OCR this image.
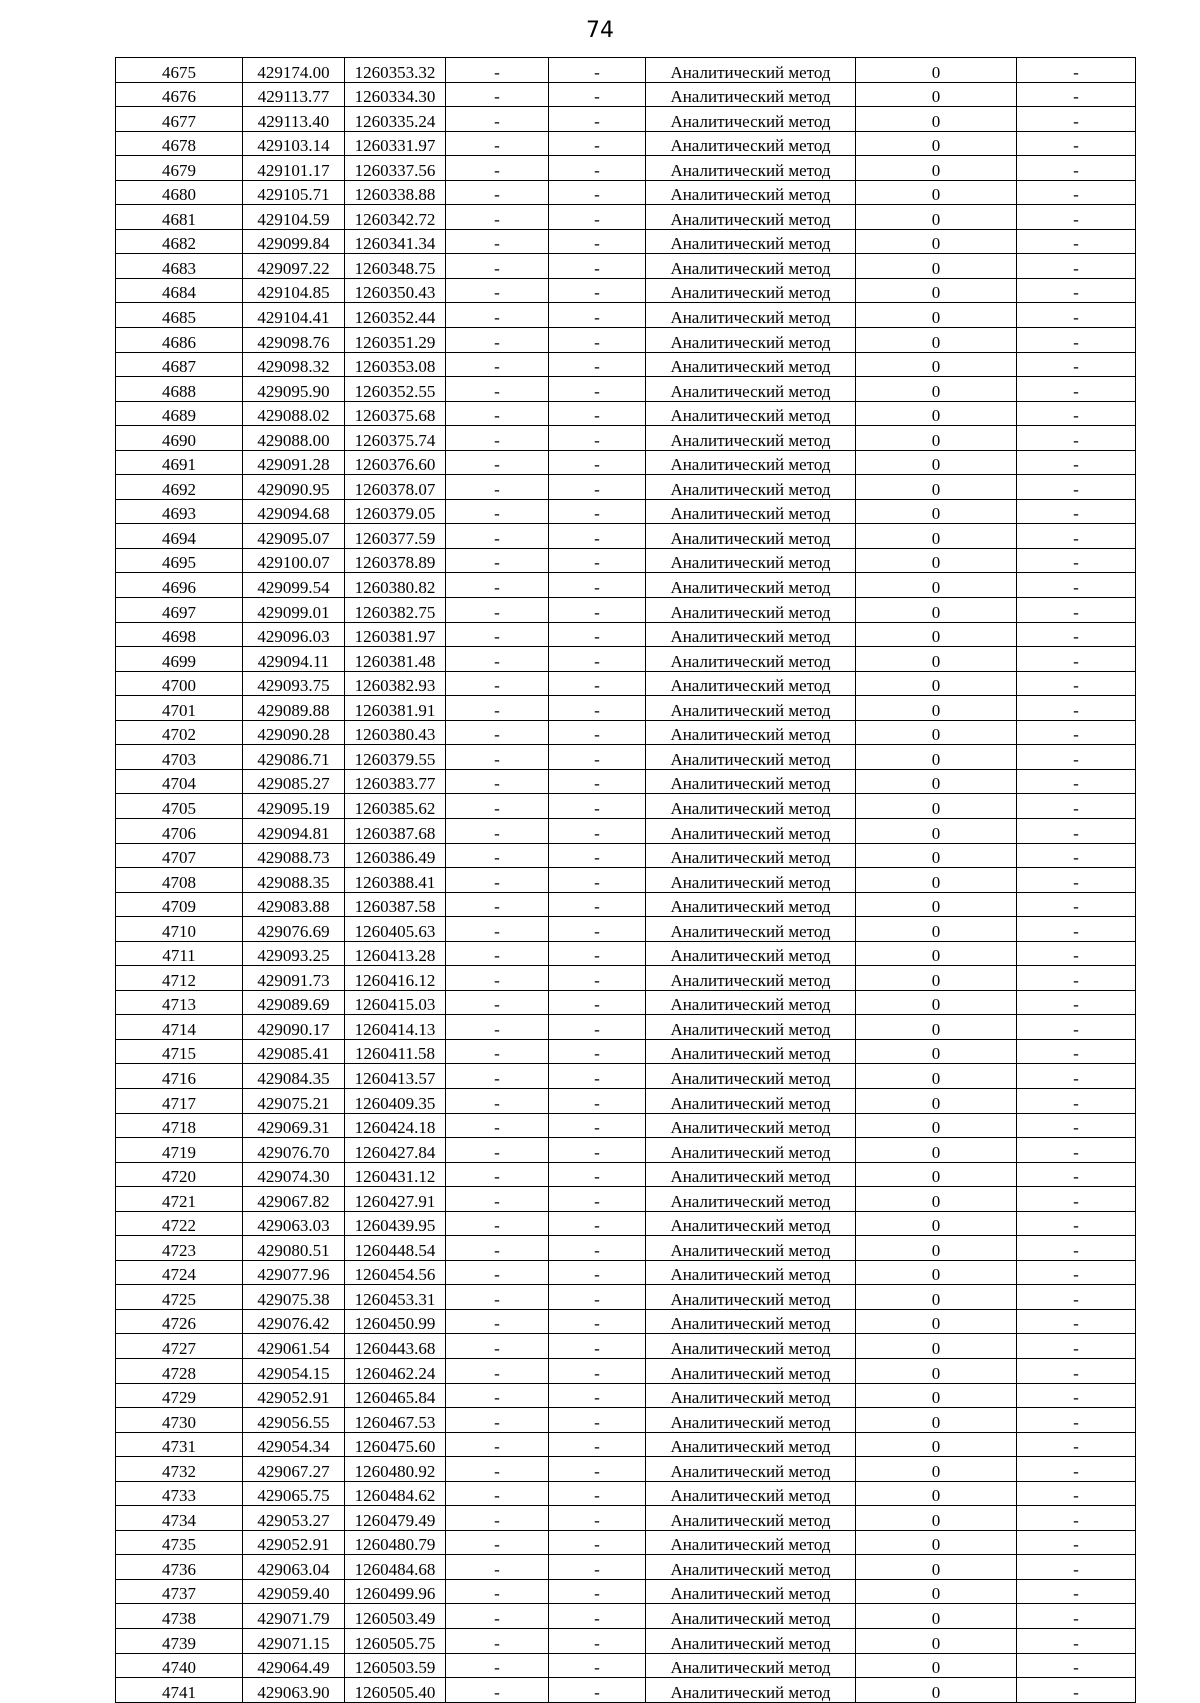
74
4675	429174.00	1260353.32	-	-	Аналитический метод	0	-
4676	429113.77	1260334.30	-	-	Аналитический метод	0	-
4677	429113.40	1260335.24	-	-	Аналитический метод	0	-
4678	429103.14	1260331.97	-	-	Аналитический метод	0	-
4679	429101.17	1260337.56	-	-	Аналитический метод	0	-
4680	429105.71	1260338.88	-	-	Аналитический метод	0	-
4681	429104.59	1260342.72	-	-	Аналитический метод	0	-
4682	429099.84	1260341.34	-	-	Аналитический метод	0	-
4683	429097.22	1260348.75	-	-	Аналитический метод	0	-
4684	429104.85	1260350.43	-	-	Аналитический метод	0	-
4685	429104.41	1260352.44	-	-	Аналитический метод	0	-
4686	429098.76	1260351.29	-	-	Аналитический метод	0	-
4687	429098.32	1260353.08	-	-	Аналитический метод	0	-
4688	429095.90	1260352.55	-	-	Аналитический метод	0	-
4689	429088.02	1260375.68	-	-	Аналитический метод	0	-
4690	429088.00	1260375.74	-	-	Аналитический метод	0	-
4691	429091.28	1260376.60	-	-	Аналитический метод	0	-
4692	429090.95	1260378.07	-	-	Аналитический метод	0	-
4693	429094.68	1260379.05	-	-	Аналитический метод	0	-
4694	429095.07	1260377.59	-	-	Аналитический метод	0	-
4695	429100.07	1260378.89	-	-	Аналитический метод	0	-
4696	429099.54	1260380.82	-	-	Аналитический метод	0	-
4697	429099.01	1260382.75	-	-	Аналитический метод	0	-
4698	429096.03	1260381.97	-	-	Аналитический метод	0	-
4699	429094.11	1260381.48	-	-	Аналитический метод	0	-
4700	429093.75	1260382.93	-	-	Аналитический метод	0	-
4701	429089.88	1260381.91	-	-	Аналитический метод	0	-
4702	429090.28	1260380.43	-	-	Аналитический метод	0	-
4703	429086.71	1260379.55	-	-	Аналитический метод	0	-
4704	429085.27	1260383.77	-	-	Аналитический метод	0	-
4705	429095.19	1260385.62	-	-	Аналитический метод	0	-
4706	429094.81	1260387.68	-	-	Аналитический метод	0	-
4707	429088.73	1260386.49	-	-	Аналитический метод	0	-
4708	429088.35	1260388.41	-	-	Аналитический метод	0	-
4709	429083.88	1260387.58	-	-	Аналитический метод	0	-
4710	429076.69	1260405.63	-	-	Аналитический метод	0	-
4711	429093.25	1260413.28	-	-	Аналитический метод	0	-
4712	429091.73	1260416.12	-	-	Аналитический метод	0	-
4713	429089.69	1260415.03	-	-	Аналитический метод	0	-
4714	429090.17	1260414.13	-	-	Аналитический метод	0	-
4715	429085.41	1260411.58	-	-	Аналитический метод	0	-
4716	429084.35	1260413.57	-	-	Аналитический метод	0	-
4717	429075.21	1260409.35	-	-	Аналитический метод	0	-
4718	429069.31	1260424.18	-	-	Аналитический метод	0	-
4719	429076.70	1260427.84	-	-	Аналитический метод	0	-
4720	429074.30	1260431.12	-	-	Аналитический метод	0	-
4721	429067.82	1260427.91	-	-	Аналитический метод	0	-
4722	429063.03	1260439.95	-	-	Аналитический метод	0	-
4723	429080.51	1260448.54	-	-	Аналитический метод	0	-
4724	429077.96	1260454.56	-	-	Аналитический метод	0	-
4725	429075.38	1260453.31	-	-	Аналитический метод	0	-
4726	429076.42	1260450.99	-	-	Аналитический метод	0	-
4727	429061.54	1260443.68	-	-	Аналитический метод	0	-
4728	429054.15	1260462.24	-	-	Аналитический метод	0	-
4729	429052.91	1260465.84	-	-	Аналитический метод	0	-
4730	429056.55	1260467.53	-	-	Аналитический метод	0	-
4731	429054.34	1260475.60	-	-	Аналитический метод	0	-
4732	429067.27	1260480.92	-	-	Аналитический метод	0	-
4733	429065.75	1260484.62	-	-	Аналитический метод	0	-
4734	429053.27	1260479.49	-	-	Аналитический метод	0	-
4735	429052.91	1260480.79	-	-	Аналитический метод	0	-
4736	429063.04	1260484.68	-	-	Аналитический метод	0	-
4737	429059.40	1260499.96	-	-	Аналитический метод	0	-
4738	429071.79	1260503.49	-	-	Аналитический метод	0	-
4739	429071.15	1260505.75	-	-	Аналитический метод	0	-
4740	429064.49	1260503.59	-	-	Аналитический метод	0	-
4741	429063.90	1260505.40	-	-	Аналитический метод	0	-
